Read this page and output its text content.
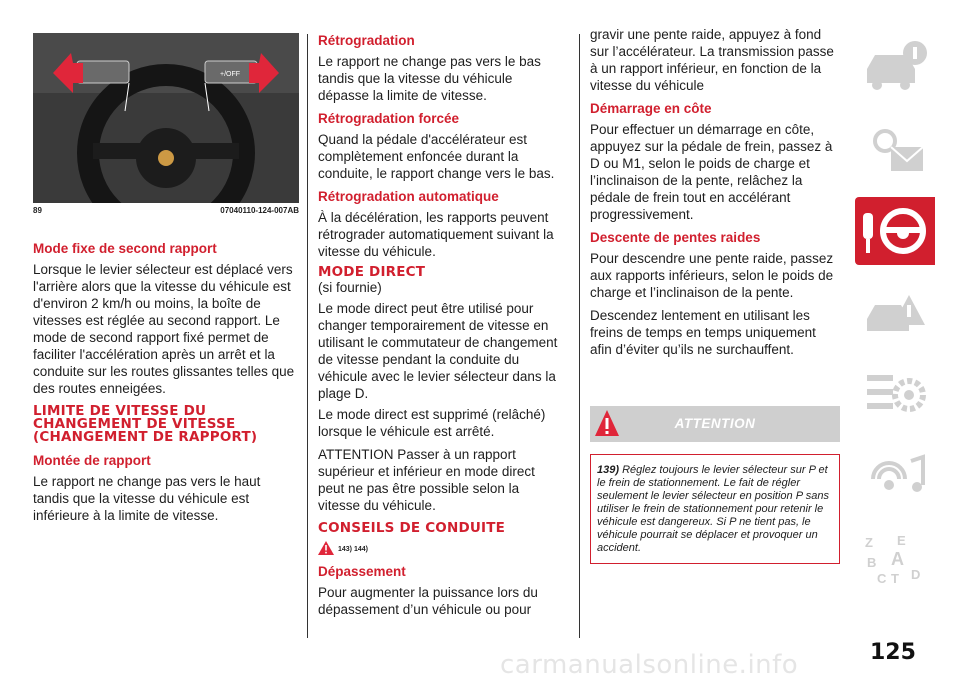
+/OFF
89	07040110-124-007AB
Mode fixe de second rapport

Lorsque le levier sélecteur est déplacé vers l'arrière alors que la vitesse du véhicule est d'environ 2 km/h ou moins, la boîte de vitesses est réglée au second rapport. Le mode de second rapport fixé permet de faciliter l'accélération après un arrêt et la conduite sur les routes glissantes telles que des routes enneigées.

LIMITE DE VITESSE DU CHANGEMENT DE VITESSE (CHANGEMENT DE RAPPORT)
Montée de rapport

Le rapport ne change pas vers le haut tandis que la vitesse du véhicule est inférieure à la limite de vitesse.

Rétrogradation

Le rapport ne change pas vers le bas tandis que la vitesse du véhicule dépasse la limite de vitesse.

Rétrogradation forcée

Quand la pédale d'accélérateur est complètement enfoncée durant la conduite, le rapport change vers le bas.

Rétrogradation automatique

À la décélération, les rapports peuvent rétrograder automatiquement suivant la vitesse du véhicule.

MODE DIRECT

(si fournie)

Le mode direct peut être utilisé pour changer temporairement de vitesse en utilisant le commutateur de changement de vitesse pendant la conduite du véhicule avec le levier sélecteur dans la plage D.

Le mode direct est supprimé (relâché) lorsque le véhicule est arrêté.

ATTENTION Passer à un rapport supérieur et inférieur en mode direct peut ne pas être possible selon la vitesse du véhicule.

CONSEILS DE CONDUITE
143) 144)
Dépassement

Pour augmenter la puissance lors du dépassement d’un véhicule ou pour

gravir une pente raide, appuyez à fond sur l’accélérateur. La transmission passe à un rapport inférieur, en fonction de la vitesse du véhicule

Démarrage en côte

Pour effectuer un démarrage en côte, appuyez sur la pédale de frein, passez à D ou M1, selon le poids de charge et l’inclinaison de la pente, relâchez la pédale de frein tout en accélérant progressivement.

Descente de pentes raides

Pour descendre une pente raide, passez aux rapports inférieurs, selon le poids de charge et l’inclinaison de la pente.

Descendez lentement en utilisant les freins de temps en temps uniquement afin d’éviter qu’ils ne surchauffent.

ATTENTION
139) Réglez toujours le levier sélecteur sur P et le frein de stationnement. Le fait de régler seulement le levier sélecteur en position P sans utiliser le frein de stationnement pour retenir le véhicule est dangereux. Si P ne tient pas, le véhicule pourrait se déplacer et provoquer un accident.	Z E
B A
C T D
carmanualsonline.info	125
